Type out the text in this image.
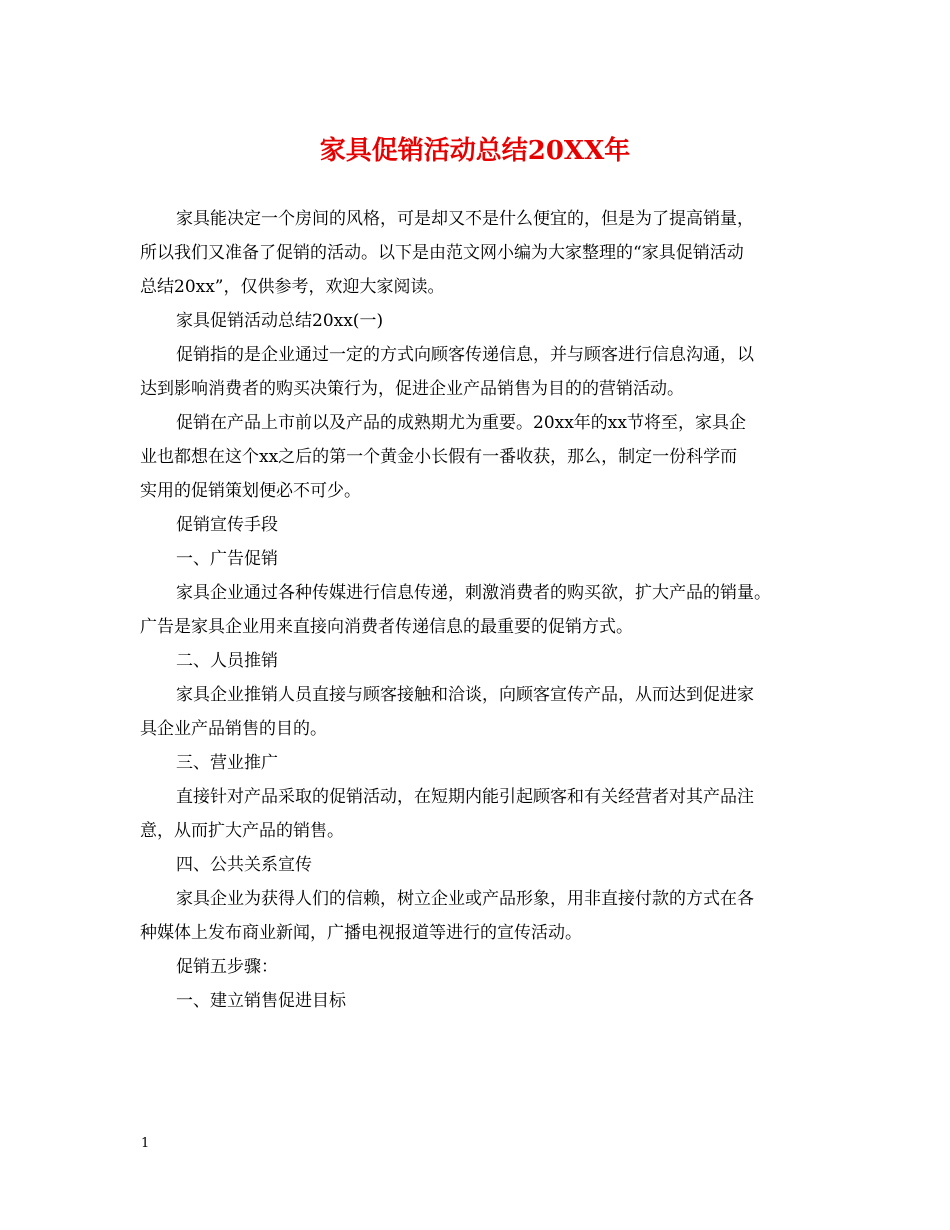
家具促销活动总结20XX年
家具能决定一个房间的风格，可是却又不是什么便宜的，但是为了提高销量，
所以我们又准备了促销的活动。以下是由范文网小编为大家整理的“家具促销活动
总结20xx”，仅供参考，欢迎大家阅读。
家具促销活动总结20xx(一)
促销指的是企业通过一定的方式向顾客传递信息，并与顾客进行信息沟通，以
达到影响消费者的购买决策行为，促进企业产品销售为目的的营销活动。
促销在产品上市前以及产品的成熟期尤为重要。20xx年的xx节将至，家具企
业也都想在这个xx之后的第一个黄金小长假有一番收获，那么，制定一份科学而
实用的促销策划便必不可少。
促销宣传手段
一、广告促销
家具企业通过各种传媒进行信息传递，刺激消费者的购买欲，扩大产品的销量。
广告是家具企业用来直接向消费者传递信息的最重要的促销方式。
二、人员推销
家具企业推销人员直接与顾客接触和洽谈，向顾客宣传产品，从而达到促进家
具企业产品销售的目的。
三、营业推广
直接针对产品采取的促销活动，在短期内能引起顾客和有关经营者对其产品注
意，从而扩大产品的销售。
四、公共关系宣传
家具企业为获得人们的信赖，树立企业或产品形象，用非直接付款的方式在各
种媒体上发布商业新闻，广播电视报道等进行的宣传活动。
促销五步骤：
一、建立销售促进目标
1
